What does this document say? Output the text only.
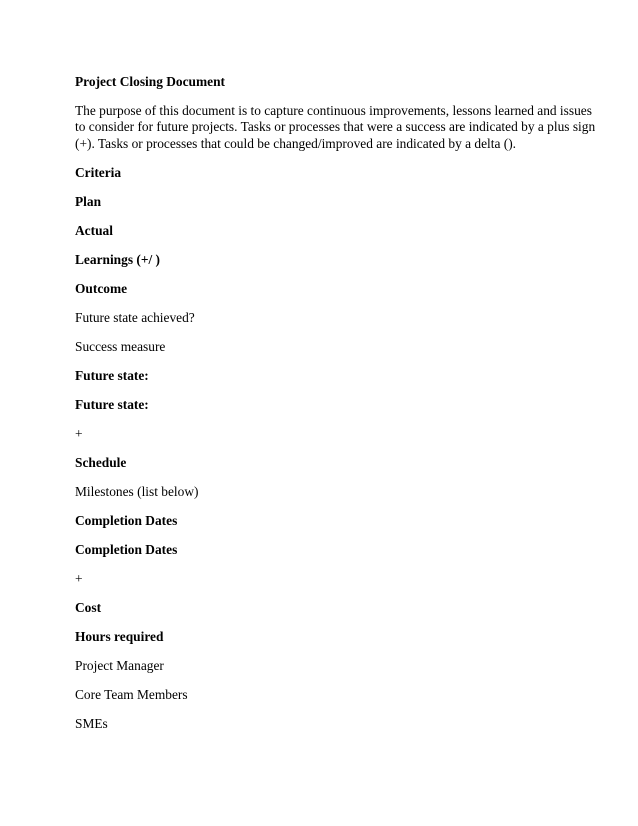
Project Closing Document

The purpose of this document is to capture continuous improvements, lessons learned and issues

to consider for future projects. Tasks or processes that were a success are indicated by a plus sign

(+). Tasks or processes that could be changed/improved are indicated by a delta ().

Criteria

Plan

Actual

Learnings (+/ )

Outcome

Future state achieved?

Success measure

Future state:

Future state:

+

Schedule

Milestones (list below)

Completion Dates

Completion Dates

+

Cost

Hours required

Project Manager

Core Team Members

SMEs
